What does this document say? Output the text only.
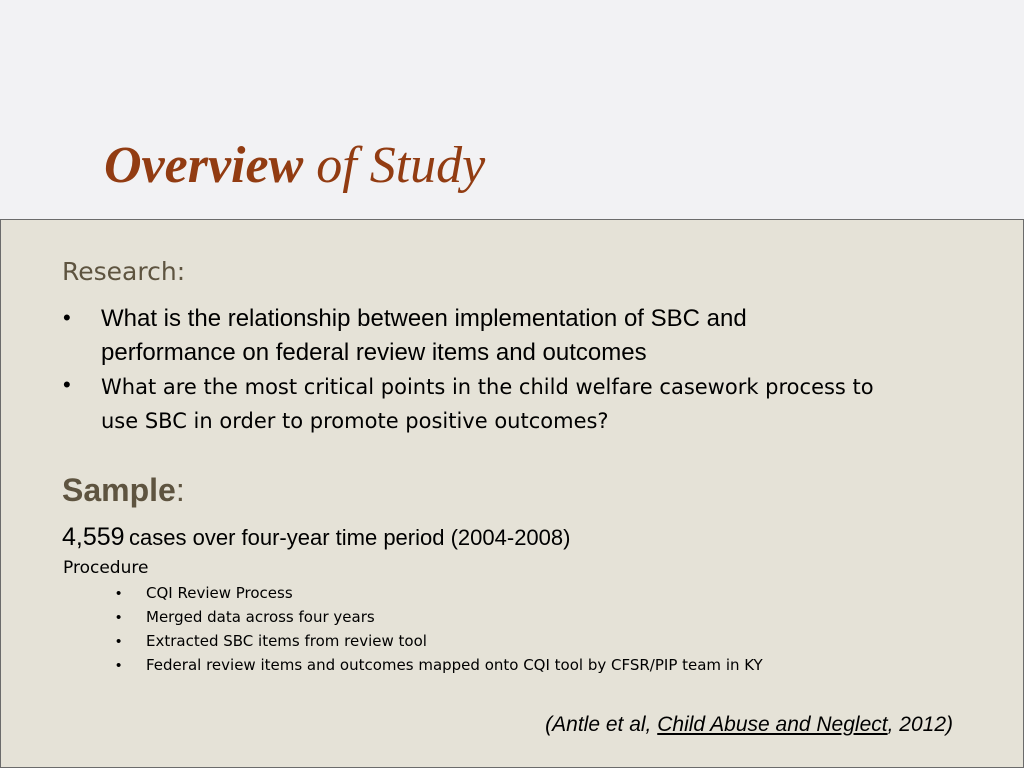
Overview of Study
Research:
• What is the relationship between implementation of SBC and
performance on federal review items and outcomes
• What are the most critical points in the child welfare casework process to
use SBC in order to promote positive outcomes?
Sample:
4,559 cases over four-year time period (2004-2008)
Procedure
• CQI Review Process
• Merged data across four years
• Extracted SBC items from review tool
• Federal review items and outcomes mapped onto CQI tool by CFSR/PIP team in KY
(Antle et al, Child Abuse and Neglect, 2012)
